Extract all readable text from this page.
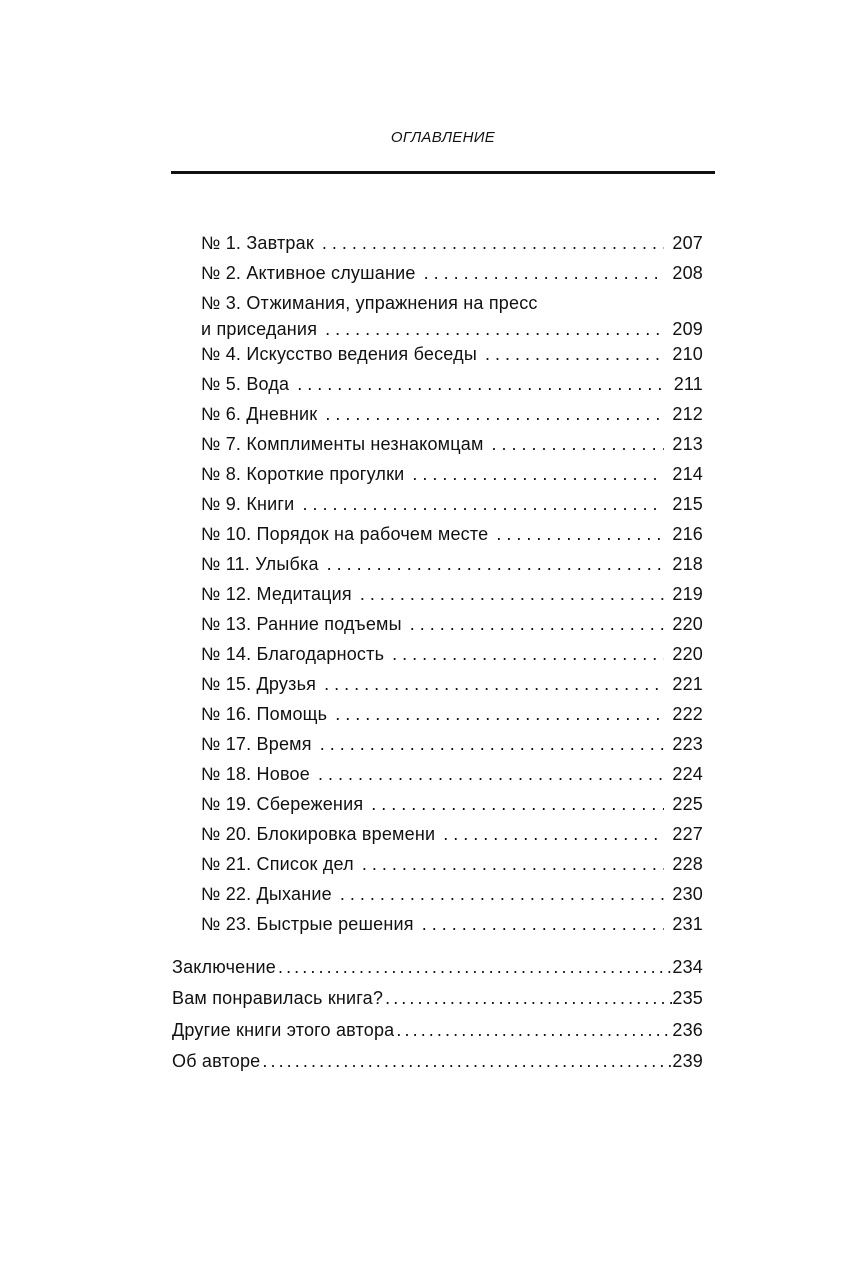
ОГЛАВЛЕНИЕ
№ 1. Завтрак . . .	207
№ 2. Активное слушание . . .	208
№ 3. Отжимания, упражнения на пресс
и приседания . . .	209
№ 4. Искусство ведения беседы . . .	210
№ 5. Вода . . .	211
№ 6. Дневник . . .	212
№ 7. Комплименты незнакомцам . . .	213
№ 8. Короткие прогулки . . .	214
№ 9. Книги . . .	215
№ 10. Порядок на рабочем месте . . .	216
№ 11. Улыбка . . .	218
№ 12. Медитация . . .	219
№ 13. Ранние подъемы . . .	220
№ 14. Благодарность . . .	220
№ 15. Друзья . . .	221
№ 16. Помощь . . .	222
№ 17. Время . . .	223
№ 18. Новое . . .	224
№ 19. Сбережения . . .	225
№ 20. Блокировка времени . . .	227
№ 21. Список дел . . .	228
№ 22. Дыхание . . .	230
№ 23. Быстрые решения . . .	231
Заключение .....	234
Вам понравилась книга? .....	235
Другие книги этого автора .....	236
Об авторе .....	239
